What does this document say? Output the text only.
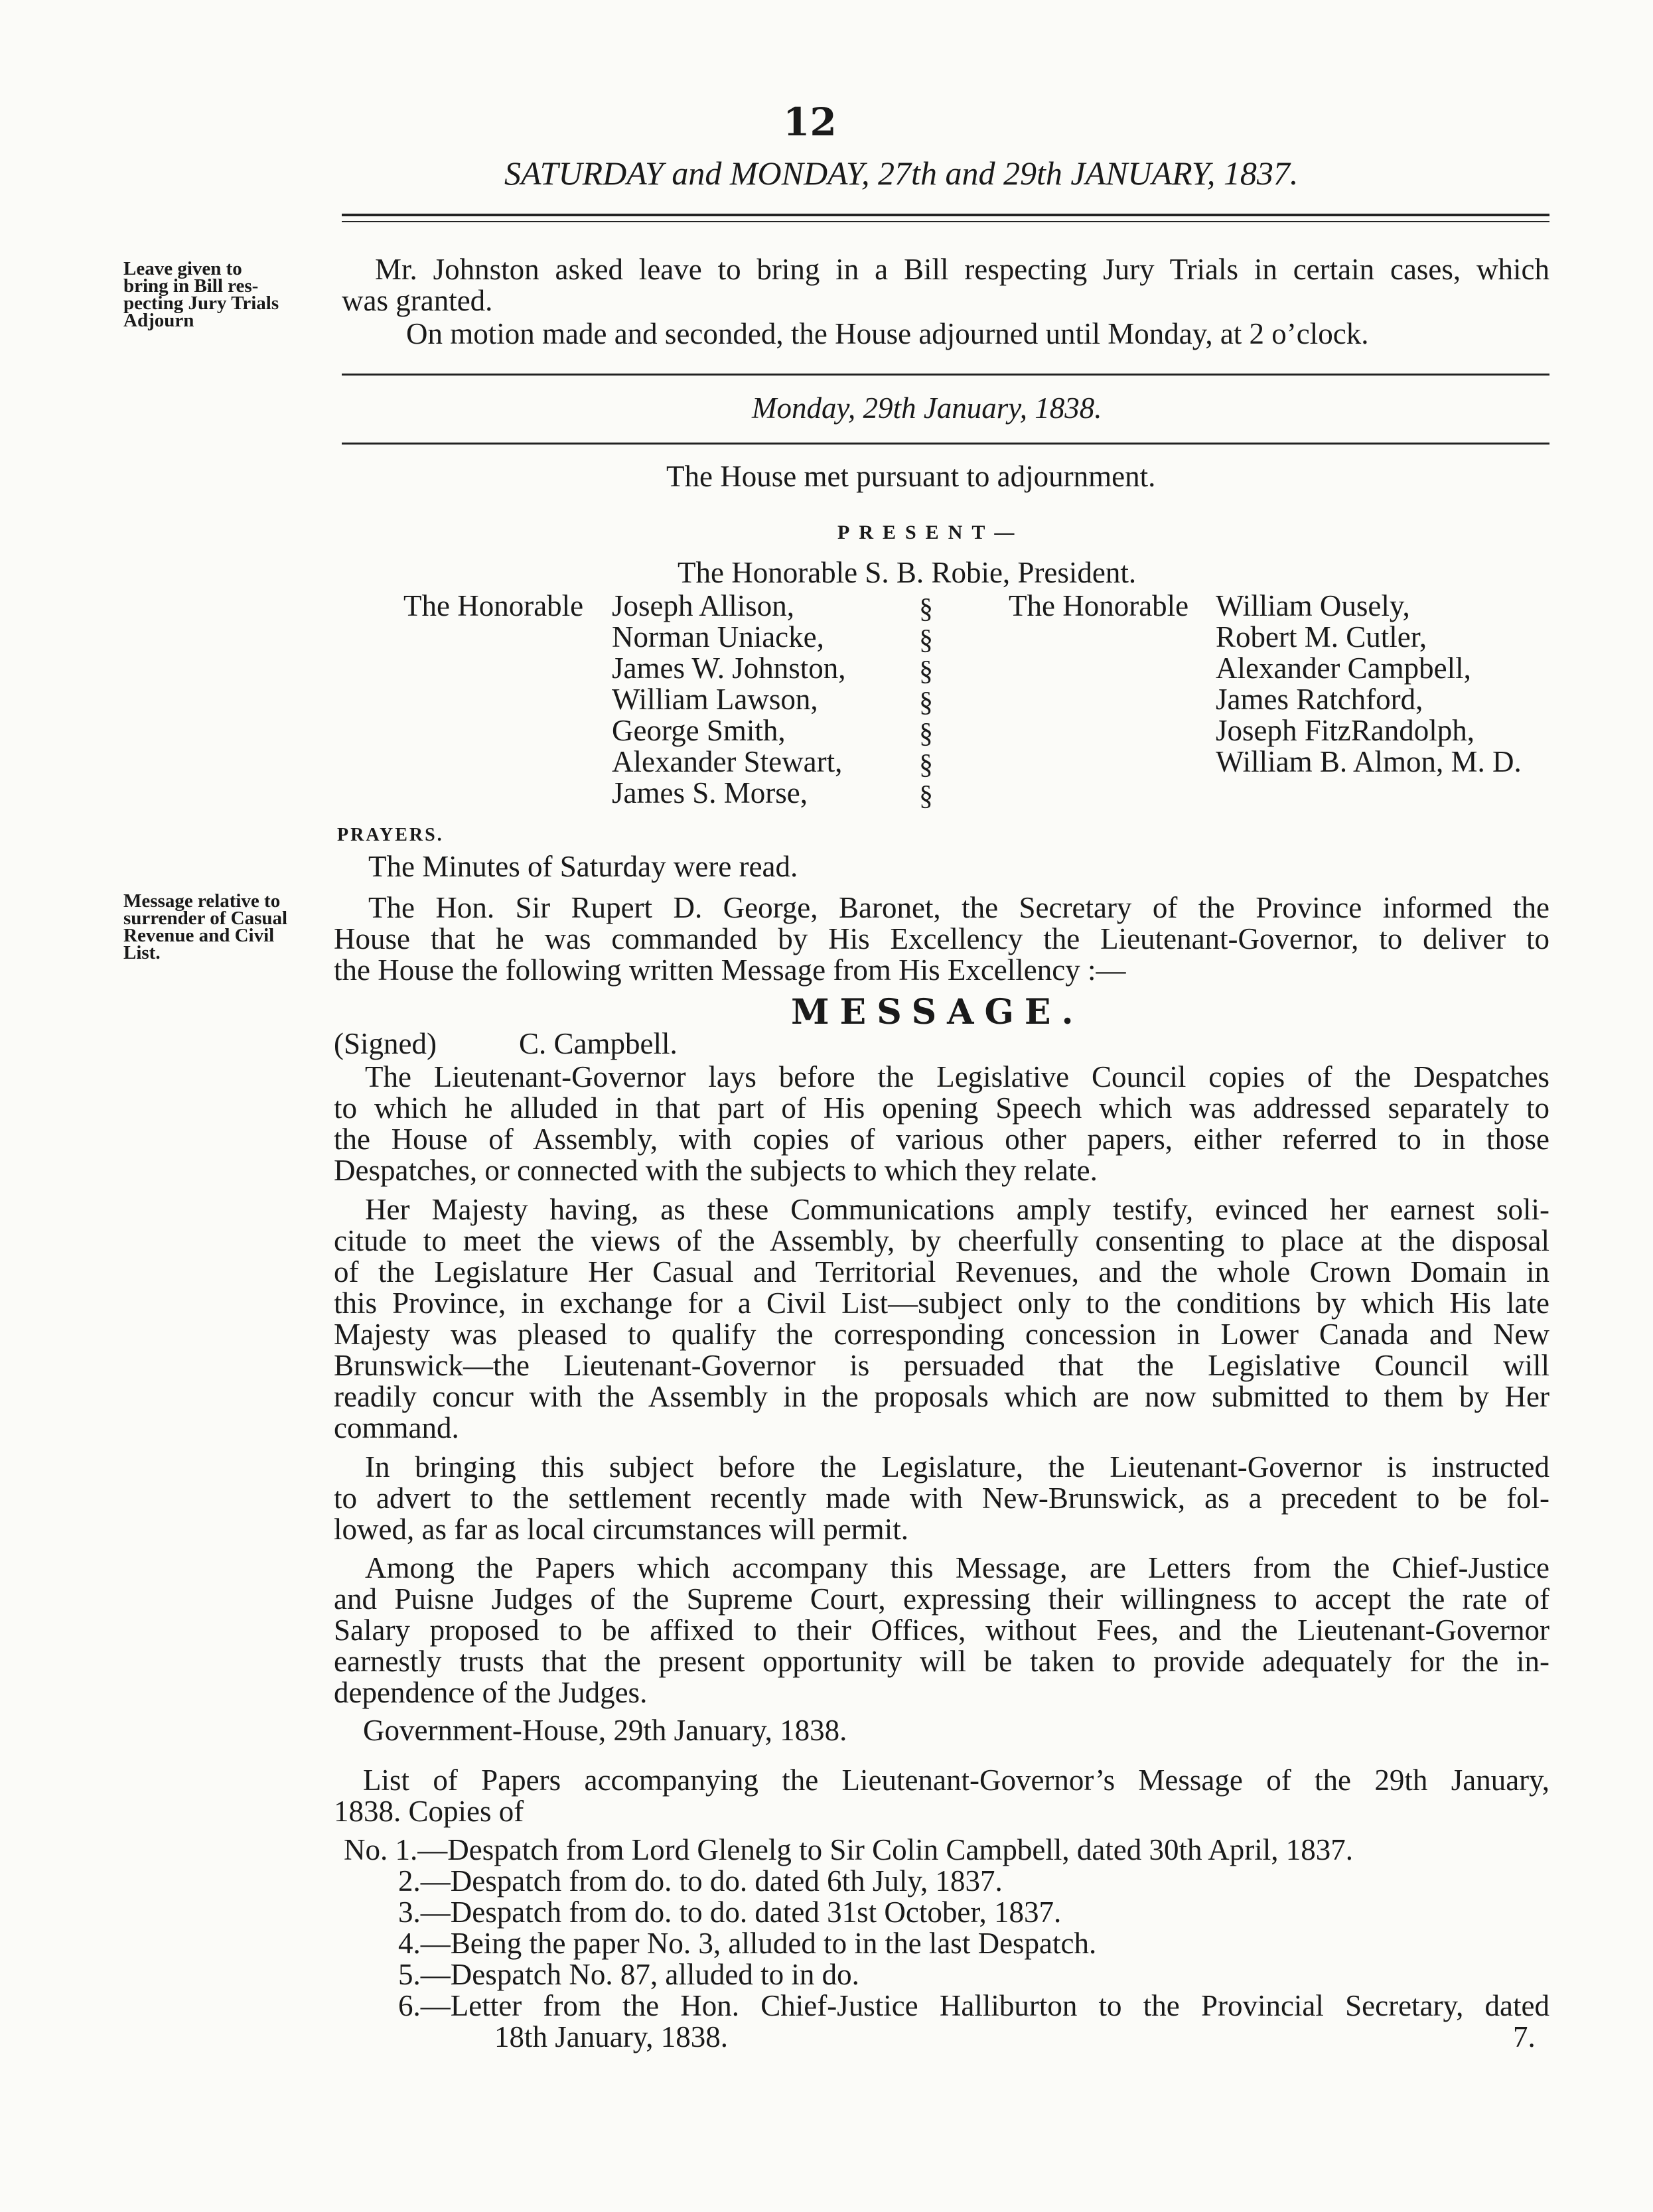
12
SATURDAY and MONDAY, 27th and 29th JANUARY, 1837.
Leave given to
bring in Bill res-
pecting Jury Trials
Adjourn
Mr. Johnston asked leave to bring in a Bill respecting Jury Trials in certain cases, which
was granted.
On motion made and seconded, the House adjourned until Monday, at 2 o’clock.
Monday, 29th January, 1838.
The House met pursuant to adjournment.
PRESENT—
The Honorable S. B. Robie, President.
The Honorable Joseph Allison,
Norman Uniacke,
James W. Johnston,
William Lawson,
George Smith,
Alexander Stewart,
James S. Morse,
§
§
§
§
§
§
§
The Honorable William Ousely,
Robert M. Cutler,
Alexander Campbell,
James Ratchford,
Joseph FitzRandolph,
William B. Almon, M. D.
PRAYERS.
The Minutes of Saturday were read.
Message relative to
surrender of Casual
Revenue and Civil
List.
The Hon. Sir Rupert D. George, Baronet, the Secretary of the Province informed the
House that he was commanded by His Excellency the Lieutenant-Governor, to deliver to
the House the following written Message from His Excellency :—
MESSAGE.
(Signed)	C. Campbell.
The Lieutenant-Governor lays before the Legislative Council copies of the Despatches
to which he alluded in that part of His opening Speech which was addressed separately to
the House of Assembly, with copies of various other papers, either referred to in those
Despatches, or connected with the subjects to which they relate.
Her Majesty having, as these Communications amply testify, evinced her earnest soli-
citude to meet the views of the Assembly, by cheerfully consenting to place at the disposal
of the Legislature Her Casual and Territorial Revenues, and the whole Crown Domain in
this Province, in exchange for a Civil List—subject only to the conditions by which His late
Majesty was pleased to qualify the corresponding concession in Lower Canada and New
Brunswick—the Lieutenant-Governor is persuaded that the Legislative Council will
readily concur with the Assembly in the proposals which are now submitted to them by Her
command.
In bringing this subject before the Legislature, the Lieutenant-Governor is instructed
to advert to the settlement recently made with New-Brunswick, as a precedent to be fol-
lowed, as far as local circumstances will permit.
Among the Papers which accompany this Message, are Letters from the Chief-Justice
and Puisne Judges of the Supreme Court, expressing their willingness to accept the rate of
Salary proposed to be affixed to their Offices, without Fees, and the Lieutenant-Governor
earnestly trusts that the present opportunity will be taken to provide adequately for the in-
dependence of the Judges.
Government-House, 29th January, 1838.
List of Papers accompanying the Lieutenant-Governor’s Message of the 29th January,
1838. Copies of
No. 1.—Despatch from Lord Glenelg to Sir Colin Campbell, dated 30th April, 1837.
2.—Despatch from do. to do. dated 6th July, 1837.
3.—Despatch from do. to do. dated 31st October, 1837.
4.—Being the paper No. 3, alluded to in the last Despatch.
5.—Despatch No. 87, alluded to in do.
6.—Letter from the Hon. Chief-Justice Halliburton to the Provincial Secretary, dated
18th January, 1838.	7.
